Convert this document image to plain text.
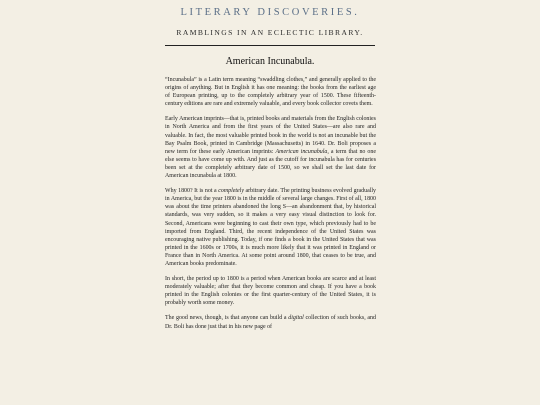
LITERARY DISCOVERIES.
RAMBLINGS IN AN ECLECTIC LIBRARY.
American Incunabula.

“Incunabula” is a Latin term meaning “swaddling clothes,” and generally applied to the origins of anything. But in English it has one meaning: the books from the earliest age of European printing, up to the completely arbitrary year of 1500. These fifteenth-century editions are rare and extremely valuable, and every book collector covets them.

Early American imprints—that is, printed books and materials from the English colonies in North America and from the first years of the United States—are also rare and valuable. In fact, the most valuable printed book in the world is not an incunable but the Bay Psalm Book, printed in Cambridge (Massachusetts) in 1640. Dr. Boli proposes a new term for these early American imprints: American incunabula, a term that no one else seems to have come up with. And just as the cutoff for incunabula has for centuries been set at the completely arbitrary date of 1500, so we shall set the last date for American incunabula at 1800.

Why 1800? It is not a completely arbitrary date. The printing business evolved gradually in America, but the year 1800 is in the middle of several large changes. First of all, 1800 was about the time printers abandoned the long S—an abandonment that, by historical standards, was very sudden, so it makes a very easy visual distinction to look for. Second, Americans were beginning to cast their own type, which previously had to be imported from England. Third, the recent independence of the United States was encouraging native publishing. Today, if one finds a book in the United States that was printed in the 1600s or 1700s, it is much more likely that it was printed in England or France than in North America. At some point around 1800, that ceases to be true, and American books predominate.

In short, the period up to 1800 is a period when American books are scarce and at least moderately valuable; after that they become common and cheap. If you have a book printed in the English colonies or the first quarter-century of the United States, it is probably worth some money.

The good news, though, is that anyone can build a digital collection of such books, and Dr. Boli has done just that in his new page of
